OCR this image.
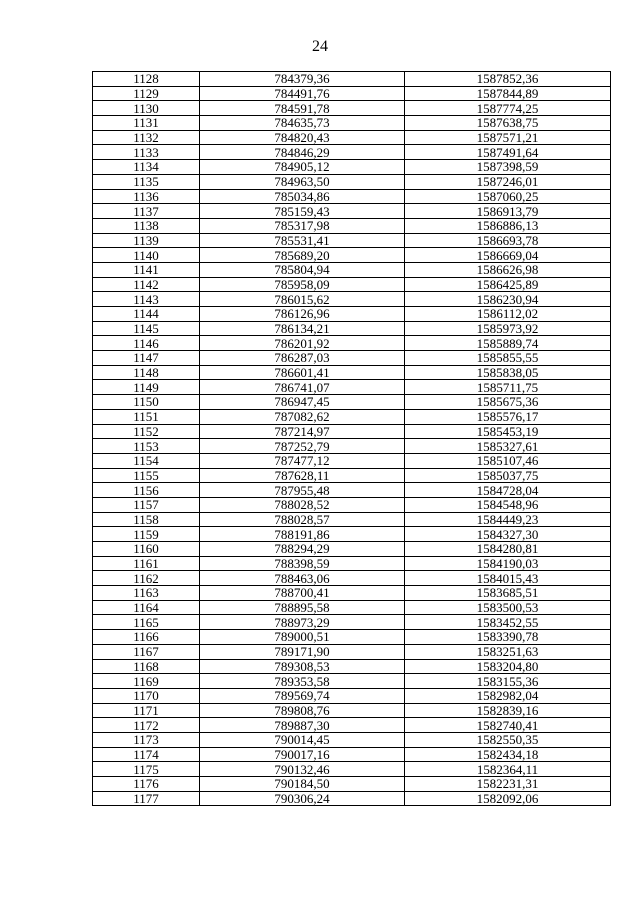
24
1128	784379,36	1587852,36
1129	784491,76	1587844,89
1130	784591,78	1587774,25
1131	784635,73	1587638,75
1132	784820,43	1587571,21
1133	784846,29	1587491,64
1134	784905,12	1587398,59
1135	784963,50	1587246,01
1136	785034,86	1587060,25
1137	785159,43	1586913,79
1138	785317,98	1586886,13
1139	785531,41	1586693,78
1140	785689,20	1586669,04
1141	785804,94	1586626,98
1142	785958,09	1586425,89
1143	786015,62	1586230,94
1144	786126,96	1586112,02
1145	786134,21	1585973,92
1146	786201,92	1585889,74
1147	786287,03	1585855,55
1148	786601,41	1585838,05
1149	786741,07	1585711,75
1150	786947,45	1585675,36
1151	787082,62	1585576,17
1152	787214,97	1585453,19
1153	787252,79	1585327,61
1154	787477,12	1585107,46
1155	787628,11	1585037,75
1156	787955,48	1584728,04
1157	788028,52	1584548,96
1158	788028,57	1584449,23
1159	788191,86	1584327,30
1160	788294,29	1584280,81
1161	788398,59	1584190,03
1162	788463,06	1584015,43
1163	788700,41	1583685,51
1164	788895,58	1583500,53
1165	788973,29	1583452,55
1166	789000,51	1583390,78
1167	789171,90	1583251,63
1168	789308,53	1583204,80
1169	789353,58	1583155,36
1170	789569,74	1582982,04
1171	789808,76	1582839,16
1172	789887,30	1582740,41
1173	790014,45	1582550,35
1174	790017,16	1582434,18
1175	790132,46	1582364,11
1176	790184,50	1582231,31
1177	790306,24	1582092,06
